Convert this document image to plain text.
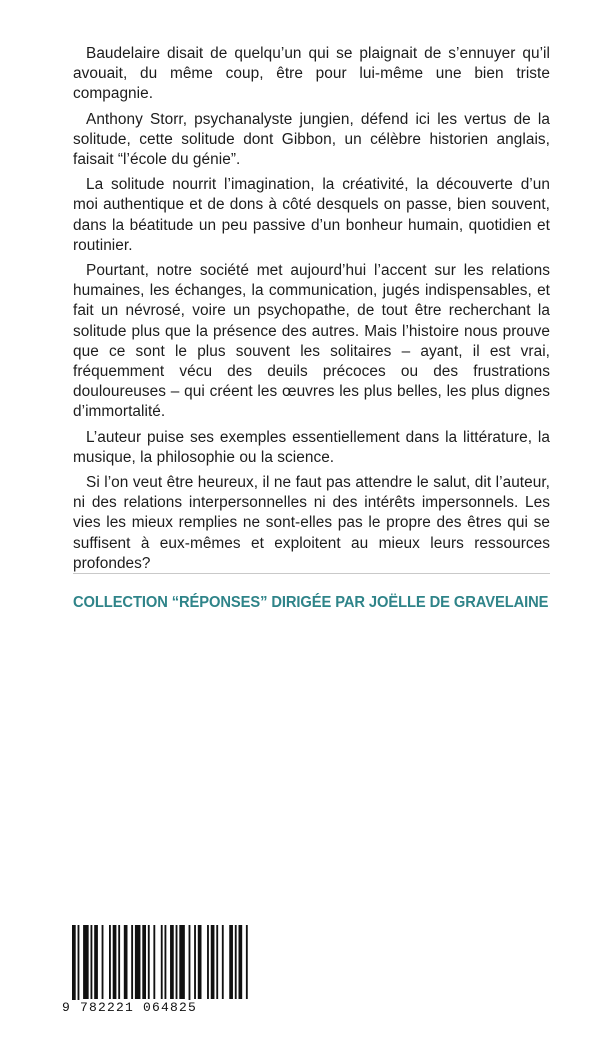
Baudelaire disait de quelqu’un qui se plaignait de s’ennuyer qu’il avouait, du même coup, être pour lui-même une bien triste compagnie.

Anthony Storr, psychanalyste jungien, défend ici les vertus de la solitude, cette solitude dont Gibbon, un célèbre historien anglais, faisait “l’école du génie”.

La solitude nourrit l’imagination, la créativité, la découverte d’un moi authentique et de dons à côté desquels on passe, bien souvent, dans la béatitude un peu passive d’un bonheur humain, quotidien et routinier.

Pourtant, notre société met aujourd’hui l’accent sur les relations humaines, les échanges, la communication, jugés indispensables, et fait un névrosé, voire un psychopathe, de tout être recherchant la solitude plus que la présence des autres. Mais l’histoire nous prouve que ce sont le plus souvent les solitaires – ayant, il est vrai, fréquemment vécu des deuils précoces ou des frustrations douloureuses – qui créent les œuvres les plus belles, les plus dignes d’immortalité.

L’auteur puise ses exemples essentiellement dans la littérature, la musique, la philosophie ou la science.

Si l’on veut être heureux, il ne faut pas attendre le salut, dit l’auteur, ni des relations interpersonnelles ni des intérêts impersonnels. Les vies les mieux remplies ne sont-elles pas le propre des êtres qui se suffisent à eux-mêmes et exploitent au mieux leurs ressources profondes?

COLLECTION “RÉPONSES” DIRIGÉE PAR JOËLLE DE GRAVELAINE
9 782221 064825
